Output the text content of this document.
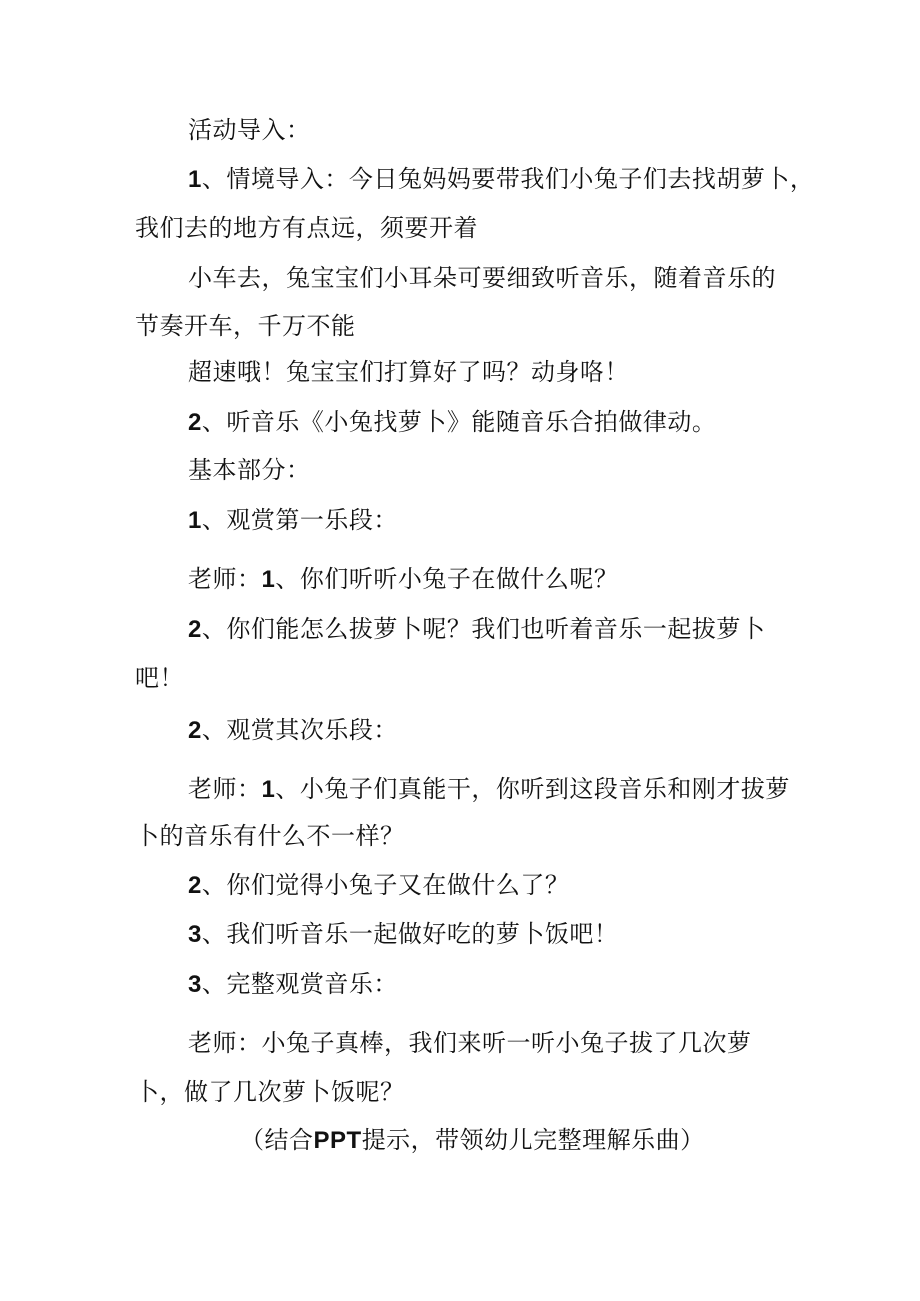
活动导入：
1、情境导入：今日兔妈妈要带我们小兔子们去找胡萝卜，
我们去的地方有点远，须要开着
小车去，兔宝宝们小耳朵可要细致听音乐，随着音乐的
节奏开车，千万不能
超速哦！兔宝宝们打算好了吗？动身咯！
2、听音乐《小兔找萝卜》能随音乐合拍做律动。
基本部分：
1、观赏第一乐段：
老师：1、你们听听小兔子在做什么呢？
2、你们能怎么拔萝卜呢？我们也听着音乐一起拔萝卜
吧！
2、观赏其次乐段：
老师：1、小兔子们真能干，你听到这段音乐和刚才拔萝
卜的音乐有什么不一样？
2、你们觉得小兔子又在做什么了？
3、我们听音乐一起做好吃的萝卜饭吧！
3、完整观赏音乐：
老师：小兔子真棒，我们来听一听小兔子拔了几次萝
卜，做了几次萝卜饭呢？
（结合PPT提示，带领幼儿完整理解乐曲）
